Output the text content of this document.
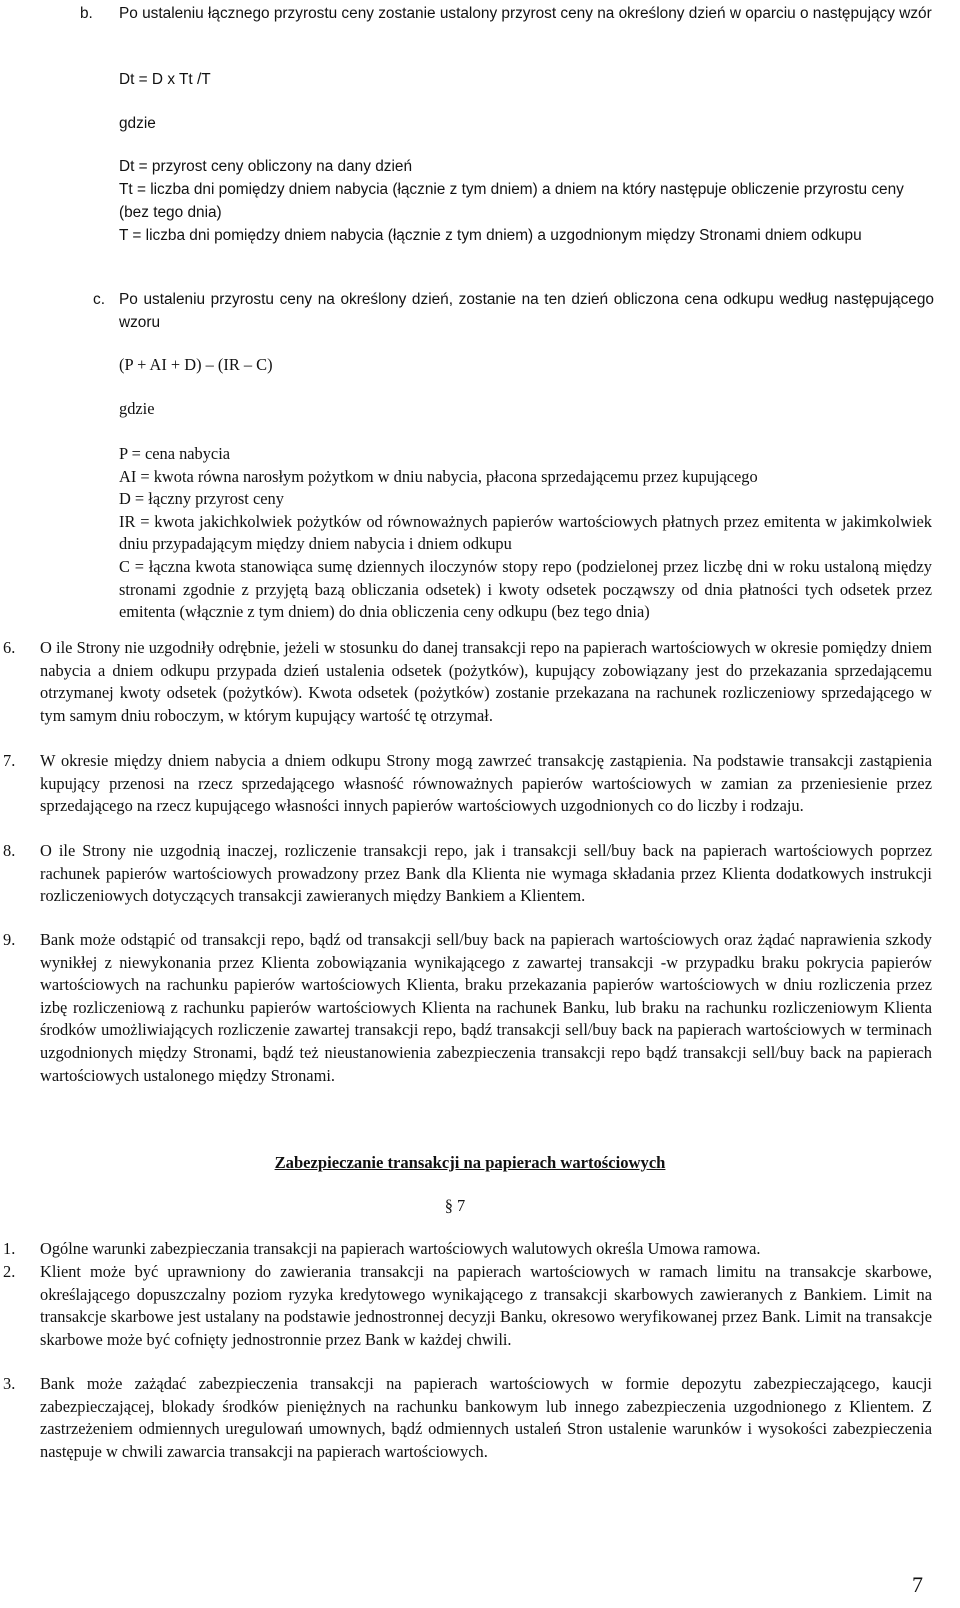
b. Po ustaleniu łącznego przyrostu ceny zostanie ustalony przyrost ceny na określony dzień w oparciu o następujący wzór
Dt = D x Tt /T
gdzie
Dt = przyrost ceny obliczony na dany dzień
Tt = liczba dni pomiędzy dniem nabycia (łącznie z tym dniem) a dniem na który następuje obliczenie przyrostu ceny (bez tego dnia)
T = liczba dni pomiędzy dniem nabycia (łącznie z tym dniem) a uzgodnionym między Stronami dniem odkupu
c. Po ustaleniu przyrostu ceny na określony dzień, zostanie na ten dzień obliczona cena odkupu według następującego wzoru
(P + AI + D) – (IR – C)
gdzie
P = cena nabycia
AI = kwota równa narosłym pożytkom w dniu nabycia, płacona sprzedającemu przez kupującego
D = łączny przyrost ceny
IR = kwota jakichkolwiek pożytków od równoważnych papierów wartościowych płatnych przez emitenta w jakimkolwiek dniu przypadającym między dniem nabycia i dniem odkupu
C = łączna kwota stanowiąca sumę dziennych iloczynów stopy repo (podzielonej przez liczbę dni w roku ustaloną między stronami zgodnie z przyjętą bazą obliczania odsetek) i kwoty odsetek począwszy od dnia płatności tych odsetek przez emitenta (włącznie z tym dniem) do dnia obliczenia ceny odkupu (bez tego dnia)
6. O ile Strony nie uzgodniły odrębnie, jeżeli w stosunku do danej transakcji repo na papierach wartościowych w okresie pomiędzy dniem nabycia a dniem odkupu przypada dzień ustalenia odsetek (pożytków), kupujący zobowiązany jest do przekazania sprzedającemu otrzymanej kwoty odsetek (pożytków). Kwota odsetek (pożytków) zostanie przekazana na rachunek rozliczeniowy sprzedającego w tym samym dniu roboczym, w którym kupujący wartość tę otrzymał.
7. W okresie między dniem nabycia a dniem odkupu Strony mogą zawrzeć transakcję zastąpienia. Na podstawie transakcji zastąpienia kupujący przenosi na rzecz sprzedającego własność równoważnych papierów wartościowych w zamian za przeniesienie przez sprzedającego na rzecz kupującego własności innych papierów wartościowych uzgodnionych co do liczby i rodzaju.
8. O ile Strony nie uzgodnią inaczej, rozliczenie transakcji repo, jak i transakcji sell/buy back na papierach wartościowych poprzez rachunek papierów wartościowych prowadzony przez Bank dla Klienta nie wymaga składania przez Klienta dodatkowych instrukcji rozliczeniowych dotyczących transakcji zawieranych między Bankiem a Klientem.
9. Bank może odstąpić od transakcji repo, bądź od transakcji sell/buy back na papierach wartościowych oraz żądać naprawienia szkody wynikłej z niewykonania przez Klienta zobowiązania wynikającego z zawartej transakcji -w przypadku braku pokrycia papierów wartościowych na rachunku papierów wartościowych Klienta, braku przekazania papierów wartościowych w dniu rozliczenia przez izbę rozliczeniową z rachunku papierów wartościowych Klienta na rachunek Banku, lub braku na rachunku rozliczeniowym Klienta środków umożliwiających rozliczenie zawartej transakcji repo, bądź transakcji sell/buy back na papierach wartościowych w terminach uzgodnionych między Stronami, bądź też nieustanowienia zabezpieczenia transakcji repo bądź transakcji sell/buy back na papierach wartościowych ustalonego między Stronami.
Zabezpieczanie transakcji na papierach wartościowych
§ 7
1. Ogólne warunki zabezpieczania transakcji na papierach wartościowych walutowych określa Umowa ramowa.
2. Klient może być uprawniony do zawierania transakcji na papierach wartościowych w ramach limitu na transakcje skarbowe, określającego dopuszczalny poziom ryzyka kredytowego wynikającego z transakcji skarbowych zawieranych z Bankiem. Limit na transakcje skarbowe jest ustalany na podstawie jednostronnej decyzji Banku, okresowo weryfikowanej przez Bank. Limit na transakcje skarbowe może być cofnięty jednostronnie przez Bank w każdej chwili.
3. Bank może zażądać zabezpieczenia transakcji na papierach wartościowych w formie depozytu zabezpieczającego, kaucji zabezpieczającej, blokady środków pieniężnych na rachunku bankowym lub innego zabezpieczenia uzgodnionego z Klientem. Z zastrzeżeniem odmiennych uregulowań umownych, bądź odmiennych ustaleń Stron ustalenie warunków i wysokości zabezpieczenia następuje w chwili zawarcia transakcji na papierach wartościowych.
7
